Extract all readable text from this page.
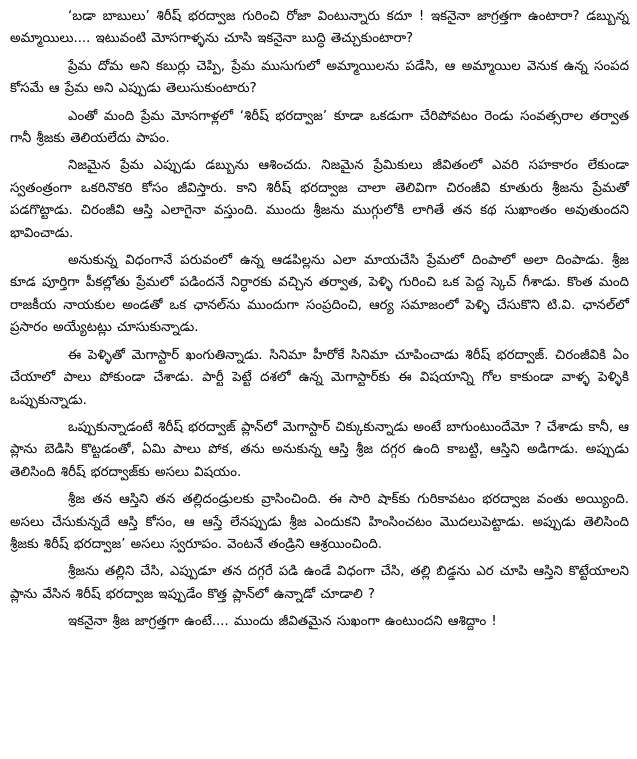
‘బడా బాబులు’ శిరీష్ భరద్వాజ గురించి రోజా వింటున్నారు కదూ ! ఇకనైనా జాగ్రత్తగా ఉంటారా? డబ్బున్న అమ్మాయిలు.... ఇటువంటి మోసగాళ్ళను చూసి ఇకనైనా బుద్ధి తెచ్చుకుంటారా?

ప్రేమ దోమ అని కబుర్లు చెప్పి, ప్రేమ ముసుగులో అమ్మాయిలను పడేసి, ఆ అమ్మాయిల వెనుక ఉన్న సంపద కోసమే ఆ ప్రేమ అని ఎప్పుడు తెలుసుకుంటారు?

ఎంతో మంది ప్రేమ మోసగాళ్లలో ‘శిరీష్ భరద్వాజ’ కూడా ఒకడుగా చేరిపోవటం రెండు సంవత్సరాల తర్వాత గానీ శ్రీజకు తెలియలేదు పాపం.

నిజమైన ప్రేమ ఎప్పుడు డబ్బును ఆశించదు. నిజమైన ప్రేమికులు జీవితంలో ఎవరి సహకారం లేకుండా స్వతంత్రంగా ఒకరినొకరి కోసం జీవిస్తారు. కాని శిరీష్ భరద్వాజ చాలా తెలివిగా చిరంజీవి కూతురు శ్రీజను ప్రేమతో పడగొట్టాడు. చిరంజీవి ఆస్తి ఎలాగైనా వస్తుంది. ముందు శ్రీజను ముగ్గులోకి లాగితే తన కథ సుఖాంతం అవుతుందని భావించాడు.

అనుకున్న విధంగానే పరువంలో ఉన్న ఆడపిల్లను ఎలా మాయచేసి ప్రేమలో దింపాలో అలా దింపాడు. శ్రీజ కూడ పూర్తిగా పీకల్లోతు ప్రేమలో పడిందనే నిర్ధారకు వచ్చిన తర్వాత, పెళ్ళి గురించి ఒక పెద్ద స్కెచ్ గీశాడు. కొంత మంది రాజకీయ నాయకుల అండతో ఒక ఛానల్‌ను ముందుగా సంప్రదించి, ఆర్య సమాజంలో పెళ్ళి చేసుకొని టి.వి. ఛానల్‌లో ప్రసారం అయ్యేటట్లు చూసుకున్నాడు.

ఈ పెళ్ళితో మెగాస్టార్ ఖంగుతిన్నాడు. సినిమా హీరోకే సినిమా చూపించాడు శిరీష్ భరద్వాజ్. చిరంజీవికి ఏం చేయాలో పాలు పోకుండా చేశాడు. పార్టీ పెట్టే దశలో ఉన్న మెగాస్టార్‌కు ఈ విషయాన్ని గోల కాకుండా వాళ్ళ పెళ్ళికి ఒప్పుకున్నాడు.

ఒప్పుకున్నాడంటే శిరీష్ భరద్వాజ్ ప్లాన్‌లో మెగాస్టార్ చిక్కుకున్నాడు అంటే బాగుంటుందేమో ? చేశాడు కానీ, ఆ ప్లాను బెడిసి కొట్టడంతో, ఏమి పాలు పోక, తను అనుకున్న ఆస్తి శ్రీజ దగ్గర ఉంది కాబట్టి, ఆస్తిని అడిగాడు. అప్పుడు తెలిసింది శిరీష్ భరద్వాజ్‌కు అసలు విషయం.

శ్రీజ తన ఆస్తిని తన తల్లిదండ్రులకు వ్రాసించింది. ఈ సారి షాక్‌కు గురికావటం భరద్వాజ వంతు అయ్యింది. అసలు చేసుకున్నదే ఆస్తి కోసం, ఆ ఆస్తే లేనప్పుడు శ్రీజ ఎందుకని హింసించటం మొదలుపెట్టాడు. అప్పుడు తెలిసింది శ్రీజకు శిరీష్ భరద్వాజ’ అసలు స్వరూపం. వెంటనే తండ్రిని ఆశ్రయించింది.

శ్రీజను తల్లిని చేసి, ఎప్పుడూ తన దగ్గరే పడి ఉండే విధంగా చేసి, తల్లి బిడ్డను ఎర చూపి ఆస్తిని కొట్టేయాలని ప్లాను వేసిన శిరీష్ భరద్వాజ ఇప్పుడేం కొత్త ప్లాన్‌లో ఉన్నాడో చూడాలి ?

ఇకనైనా శ్రీజ జాగ్రత్తగా ఉంటే.... ముందు జీవితమైన సుఖంగా ఉంటుందని ఆశిద్దాం !
